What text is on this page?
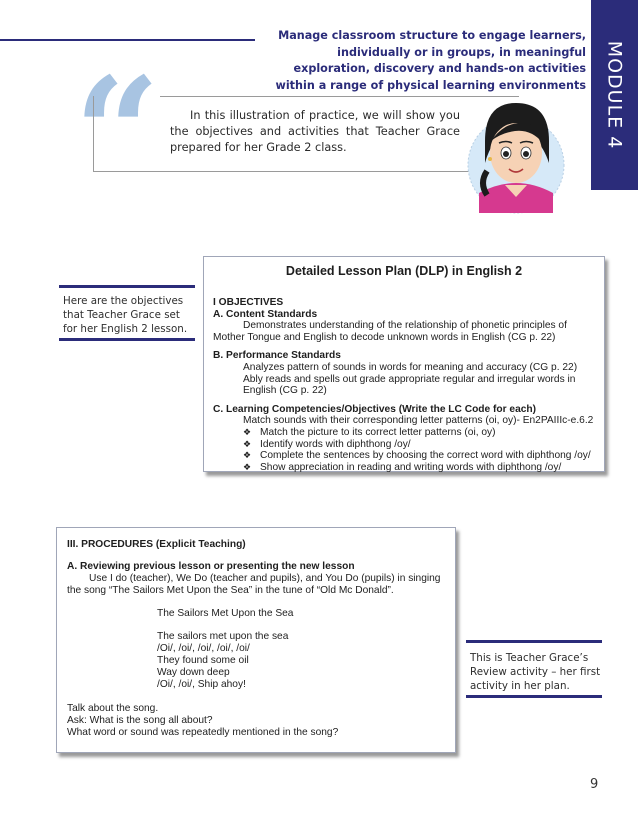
Manage classroom structure to engage learners, individually or in groups, in meaningful exploration, discovery and hands-on activities within a range of physical learning environments MODULE 4
“	In this illustration of practice, we will show you the objectives and activities that Teacher Grace prepared for her Grade 2 class.
Here are the objectives that Teacher Grace set for her English 2 lesson.
Detailed Lesson Plan (DLP) in English 2
I OBJECTIVES
A. Content Standards
Demonstrates understanding of the relationship of phonetic principles of Mother Tongue and English to decode unknown words in English (CG p. 22)
B. Performance Standards
Analyzes pattern of sounds in words for meaning and accuracy (CG p. 22)
Ably reads and spells out grade appropriate regular and irregular words in English (CG p. 22)
C. Learning Competencies/Objectives (Write the LC Code for each)
Match sounds with their corresponding letter patterns (oi, oy)- En2PAIIIc-e.6.2
❖ Match the picture to its correct letter patterns (oi, oy)
❖ Identify words with diphthong /oy/
❖ Complete the sentences by choosing the correct word with diphthong /oy/
❖ Show appreciation in reading and writing words with diphthong /oy/
III. PROCEDURES (Explicit Teaching)
A. Reviewing previous lesson or presenting the new lesson
Use I do (teacher), We Do (teacher and pupils), and You Do (pupils) in singing the song “The Sailors Met Upon the Sea” in the tune of “Old Mc Donald”.
The Sailors Met Upon the Sea
The sailors met upon the sea
/Oi/, /oi/, /oi/, /oi/, /oi/
They found some oil
Way down deep
/Oi/, /oi/, Ship ahoy!
Talk about the song.
Ask: What is the song all about?
What word or sound was repeatedly mentioned in the song?
This is Teacher Grace’s Review activity – her first activity in her plan.
9
